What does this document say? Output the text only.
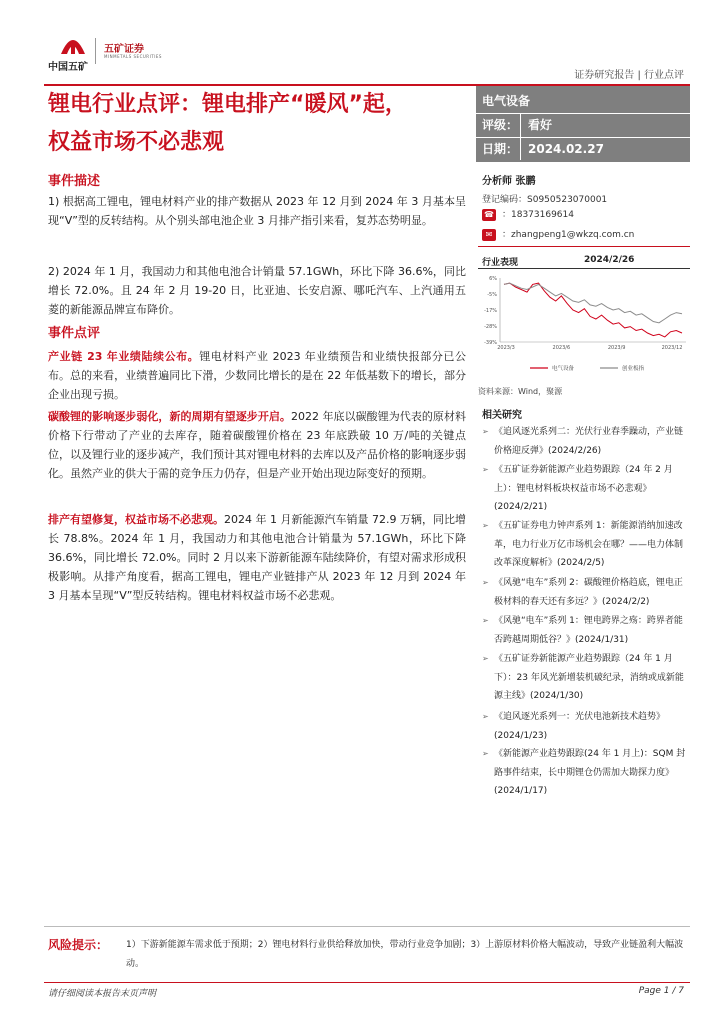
中国五矿
五矿证券
MINMETALS SECURITIES
证券研究报告 | 行业点评
锂电行业点评：锂电排产“暖风”起，
权益市场不必悲观
电气设备
评级： 看好
日期： 2024.02.27
分析师 张鹏
登记编码：S0950523070001
☎ ：18373169614
✉ ：zhangpeng1@wkzq.com.cn
行业表现	2024/2/26
6%
-5%
-17%
-28%
-39%
2023/3	2023/6	2023/9	2023/12
电气设备	创业板指
资料来源：Wind，聚源
事件描述
1) 根据高工锂电，锂电材料产业的排产数据从 2023 年 12 月到 2024 年 3 月基本呈现“V”型的反转结构。从个别头部电池企业 3 月排产指引来看，复苏态势明显。
2) 2024 年 1 月，我国动力和其他电池合计销量 57.1GWh，环比下降 36.6%，同比增长 72.0%。且 24 年 2 月 19-20 日，比亚迪、长安启源、哪吒汽车、上汽通用五菱的新能源品牌宣布降价。
事件点评
产业链 23 年业绩陆续公布。锂电材料产业 2023 年业绩预告和业绩快报部分已公布。总的来看，业绩普遍同比下滑，少数同比增长的是在 22 年低基数下的增长，部分企业出现亏损。
碳酸锂的影响逐步弱化，新的周期有望逐步开启。2022 年底以碳酸锂为代表的原材料价格下行带动了产业的去库存，随着碳酸锂价格在 23 年底跌破 10 万/吨的关键点位，以及锂行业的逐步减产，我们预计其对锂电材料的去库以及产品价格的影响逐步弱化。虽然产业的供大于需的竞争压力仍存，但是产业开始出现边际变好的预期。
排产有望修复，权益市场不必悲观。2024 年 1 月新能源汽车销量 72.9 万辆，同比增长 78.8%。2024 年 1 月，我国动力和其他电池合计销量为 57.1GWh，环比下降 36.6%，同比增长 72.0%。同时 2 月以来下游新能源车陆续降价，有望对需求形成积极影响。从排产角度看，据高工锂电，锂电产业链排产从 2023 年 12 月到 2024 年 3 月基本呈现“V”型反转结构。锂电材料权益市场不必悲观。
相关研究
➢ 《追风逐光系列二：光伏行业春季躁动，产业链价格迎反弹》(2024/2/26)
➢ 《五矿证券新能源产业趋势跟踪（24 年 2 月上）：锂电材料板块权益市场不必悲观》(2024/2/21)
➢ 《五矿证券电力钟声系列 1：新能源消纳加速改革，电力行业万亿市场机会在哪？——电力体制改革深度解析》(2024/2/5)
➢ 《风驰“电车”系列 2：碳酸锂价格趋底，锂电正极材料的春天还有多远？》(2024/2/2)
➢ 《风驰“电车”系列 1：锂电跨界之殇：跨界者能否跨越周期低谷？》(2024/1/31)
➢ 《五矿证券新能源产业趋势跟踪（24 年 1 月下）：23 年风光新增装机破纪录，消纳或成新能源主线》(2024/1/30)
➢ 《追风逐光系列一：光伏电池新技术趋势》(2024/1/23)
➢ 《新能源产业趋势跟踪(24 年 1 月上)：SQM 封路事件结束，长中期锂仓仍需加大勘探力度》(2024/1/17)
风险提示： 1）下游新能源车需求低于预期；2）锂电材料行业供给释放加快，带动行业竞争加剧；3）上游原材料价格大幅波动，导致产业链盈利大幅波动。
请仔细阅读本报告末页声明	Page 1 / 7
